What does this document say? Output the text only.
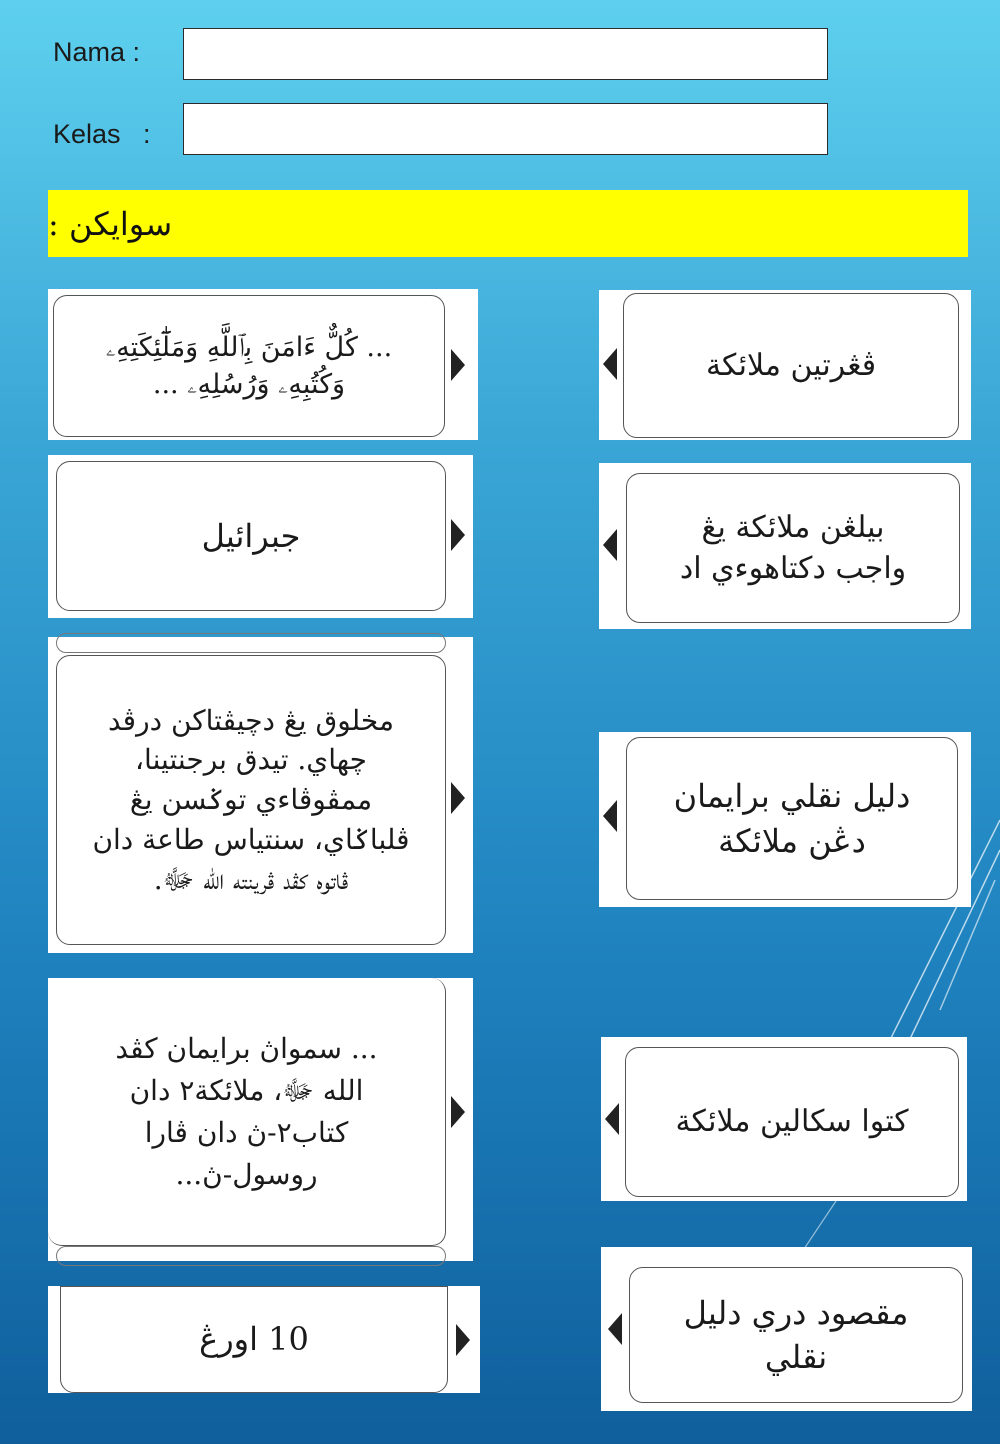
Nama :
Kelas   :
سوايكن :
... كُلٌّ ءَامَنَ بِٱللَّهِ وَمَلَٰٓئِكَتِهِۦ
وَكُتُبِهِۦ وَرُسُلِهِۦ ...
جبرائيل
مخلوق يڠ دچيڤتاكن درڤد
چهاي. تيدق برجنتينا،
ممڤوڤاءي توݢسن يڠ
ڤلباݢاي، سنتياس طاعة دان
ڤاتوه كڤد ڤرينته الله ﷻ.
... سمواڽ برايمان كڤد
الله ﷻ، ملائكة٢ دان
كتاب٢-ڽ دان ڤارا
روسول-ڽ...
10 اورڠ
ڤڠرتين ملائكة
بيلڠن ملائكة يڠ
واجب دكتاهوءي اد
دليل نقلي برايمان
دڠن ملائكة
كتوا سكالين ملائكة
مقصود دري دليل
نقلي
